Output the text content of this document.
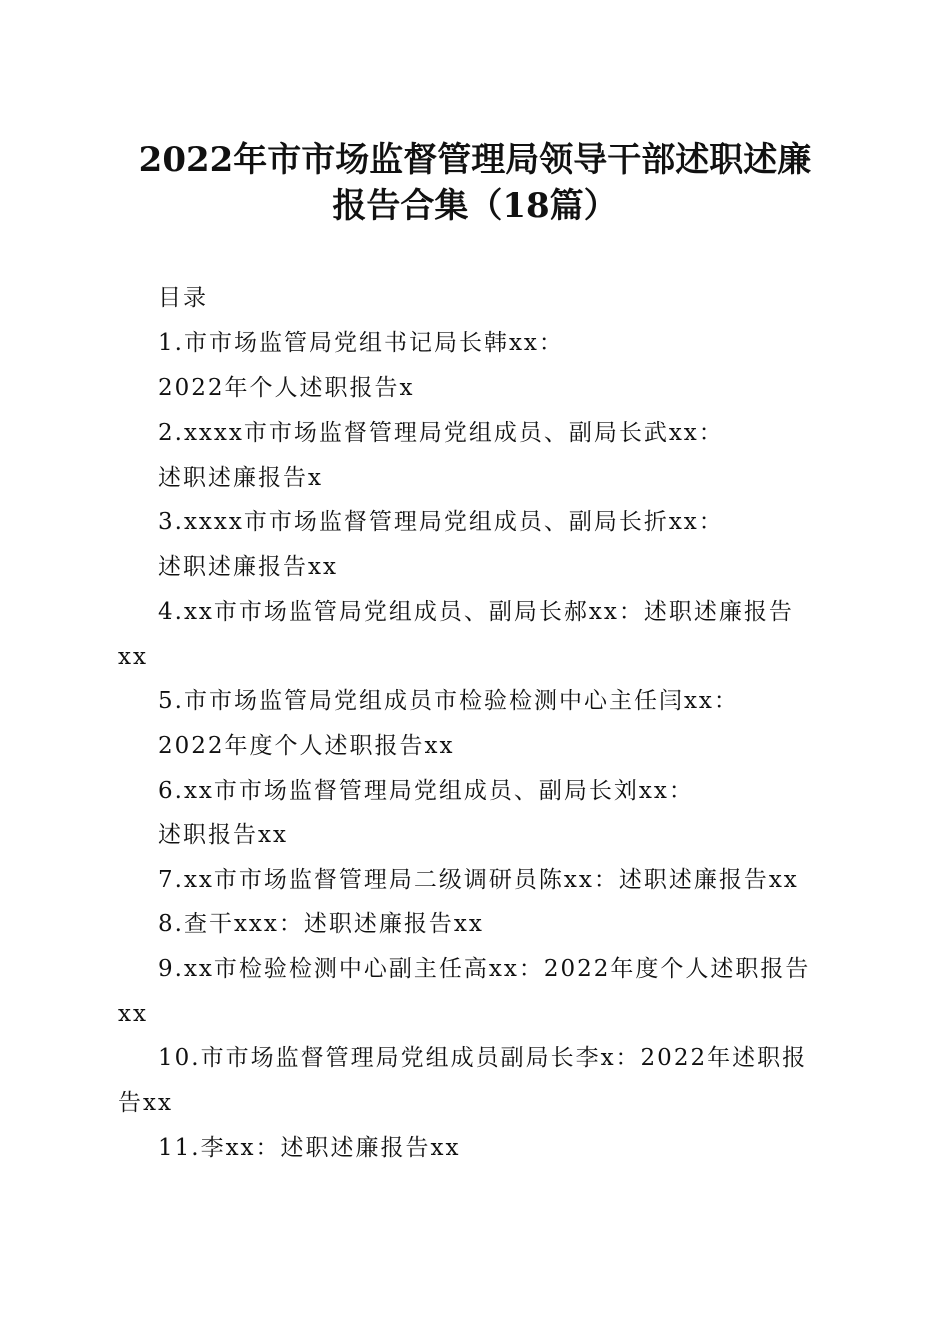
2022年市市场监督管理局领导干部述职述廉
报告合集（18篇）
目录
1.市市场监管局党组书记局长韩xx：
2022年个人述职报告x
2.xxxx市市场监督管理局党组成员、副局长武xx：
述职述廉报告x
3.xxxx市市场监督管理局党组成员、副局长折xx：
述职述廉报告xx
4.xx市市场监管局党组成员、副局长郝xx：述职述廉报告
xx
5.市市场监管局党组成员市检验检测中心主任闫xx：
2022年度个人述职报告xx
6.xx市市场监督管理局党组成员、副局长刘xx：
述职报告xx
7.xx市市场监督管理局二级调研员陈xx：述职述廉报告xx
8.查干xxx：述职述廉报告xx
9.xx市检验检测中心副主任高xx：2022年度个人述职报告
xx
10.市市场监督管理局党组成员副局长李x：2022年述职报
告xx
11.李xx：述职述廉报告xx
